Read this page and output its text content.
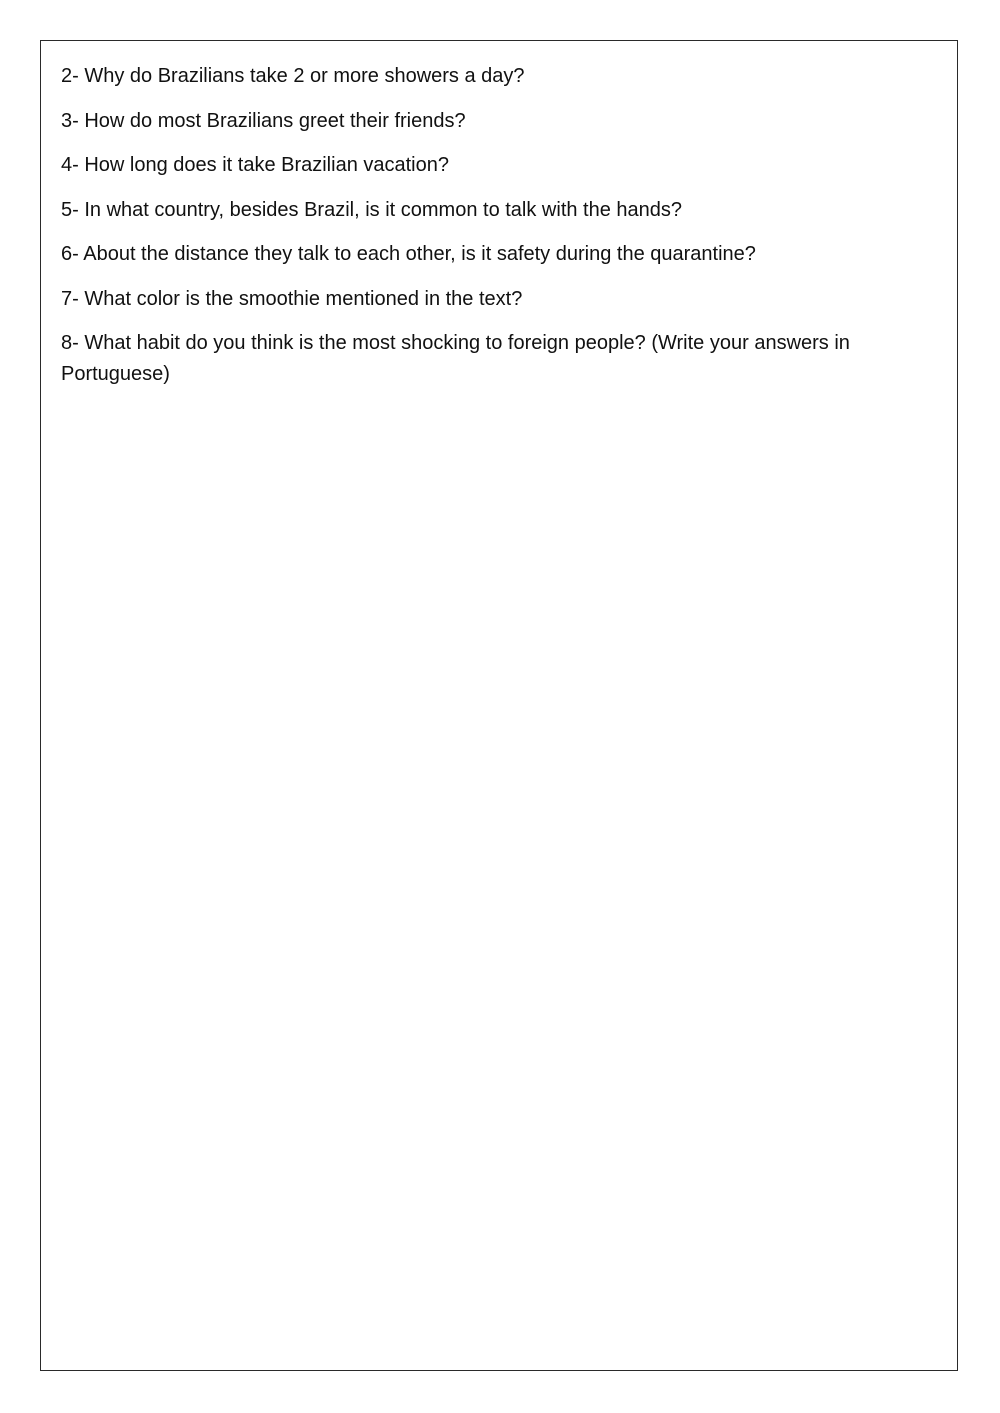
2- Why do Brazilians take 2 or more showers a day?
3- How do most Brazilians greet their friends?
4- How long does it take Brazilian vacation?
5- In what country, besides Brazil, is it common to talk with the hands?
6- About the distance they talk to each other, is it safety during the quarantine?
7- What color is the smoothie mentioned in the text?
8- What habit do you think is the most shocking to foreign people? (Write your answers in Portuguese)
